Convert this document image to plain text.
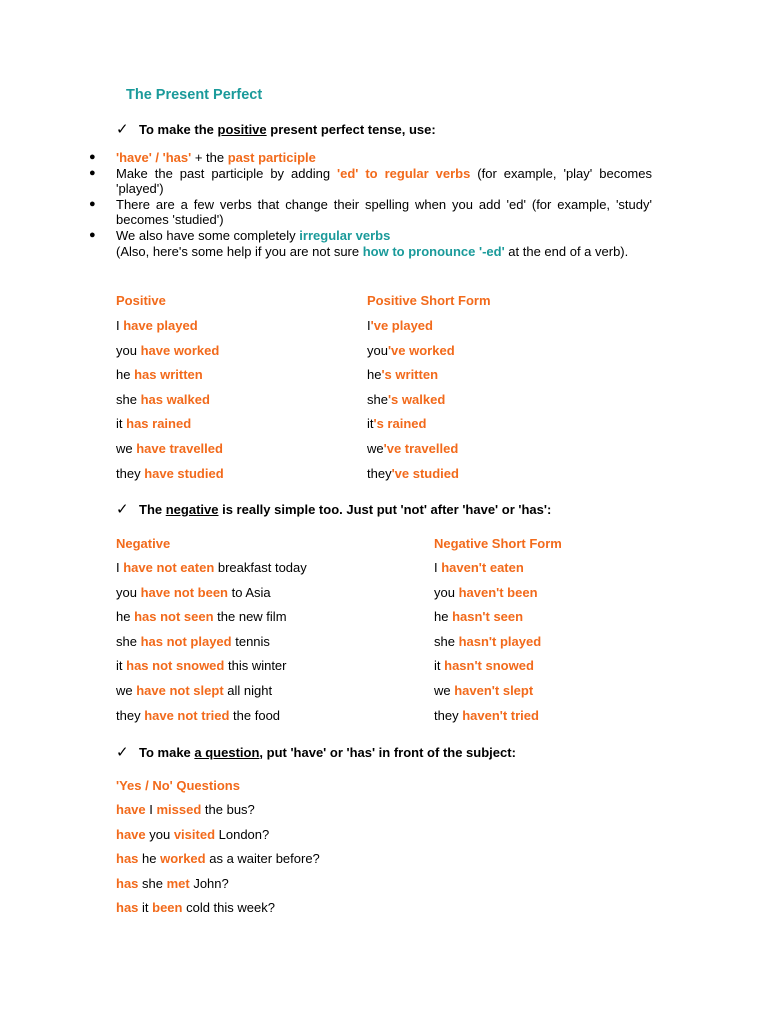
The Present Perfect
✓ To make the positive present perfect tense, use:
● 'have' / 'has' + the past participle
● Make the past participle by adding 'ed' to regular verbs (for example, 'play' becomes 'played')
● There are a few verbs that change their spelling when you add 'ed' (for example, 'study' becomes 'studied')
● We also have some completely irregular verbs
(Also, here's some help if you are not sure how to pronounce '-ed' at the end of a verb).
Positive	Positive Short Form
I have played	I've played
you have worked	you've worked
he has written	he's written
she has walked	she's walked
it has rained	it's rained
we have travelled	we've travelled
they have studied	they've studied
✓ The negative is really simple too. Just put 'not' after 'have' or 'has':
Negative	Negative Short Form
I have not eaten breakfast today	I haven't eaten
you have not been to Asia	you haven't been
he has not seen the new film	he hasn't seen
she has not played tennis	she hasn't played
it has not snowed this winter	it hasn't snowed
we have not slept all night	we haven't slept
they have not tried the food	they haven't tried
✓ To make a question, put 'have' or 'has' in front of the subject:
'Yes / No' Questions
have I missed the bus?
have you visited London?
has he worked as a waiter before?
has she met John?
has it been cold this week?
